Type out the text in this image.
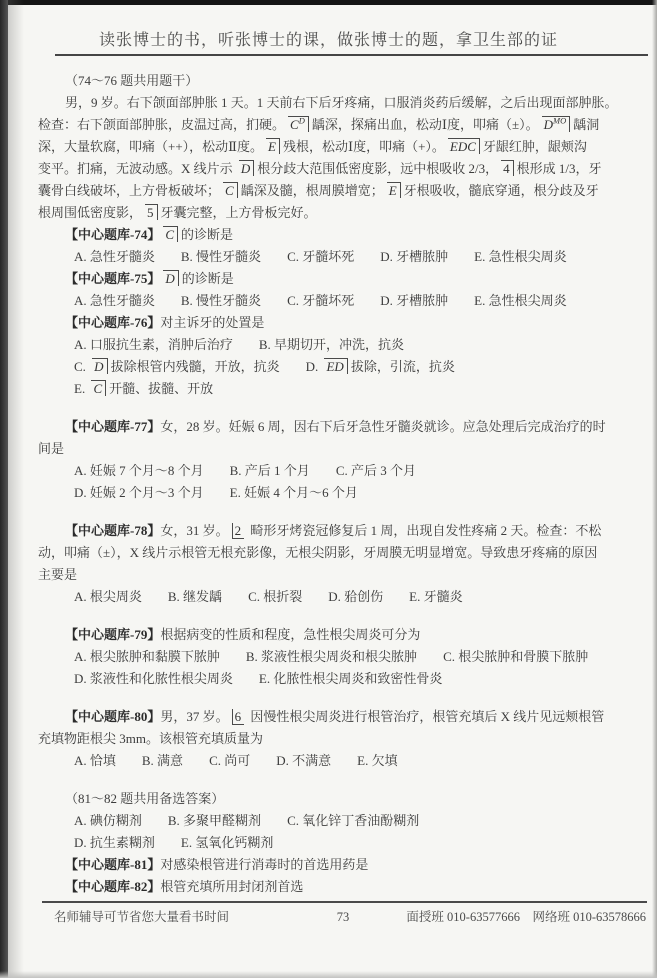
读张博士的书，听张博士的课，做张博士的题，拿卫生部的证
（74～76 题共用题干）
男，9 岁。右下颌面部肿胀 1 天。1 天前右下后牙疼痛，口服消炎药后缓解，之后出现面部肿胀。
检查：右下颌面部肿胀，皮温过高，扪硬。 $C^D$ 龋深，探痛出血，松动Ⅰ度，叩痛（±）。 $D^{MO}$ 龋洞
深，大量软腐，叩痛（++），松动Ⅱ度。 E 残根，松动Ⅰ度，叩痛（+）。 EDC 牙龈红肿，龈颊沟
变平。扪痛，无波动感。X 线片示 D 根分歧大范围低密度影，远中根吸收 2/3， 4 根形成 1/3，牙
囊骨白线破坏，上方骨板破坏； C 龋深及髓，根周膜增宽； E 牙根吸收，髓底穿通，根分歧及牙
根周围低密度影， 5 牙囊完整，上方骨板完好。
【中心题库-74】 C 的诊断是
A. 急性牙髓炎 B. 慢性牙髓炎 C. 牙髓坏死 D. 牙槽脓肿 E. 急性根尖周炎
【中心题库-75】 D 的诊断是
A. 急性牙髓炎 B. 慢性牙髓炎 C. 牙髓坏死 D. 牙槽脓肿 E. 急性根尖周炎
【中心题库-76】对主诉牙的处置是
A. 口服抗生素，消肿后治疗 B. 早期切开，冲洗，抗炎
C. D 拔除根管内残髓，开放，抗炎 D. ED 拔除，引流，抗炎
E. C 开髓、拔髓、开放
【中心题库-77】女，28 岁。妊娠 6 周，因右下后牙急性牙髓炎就诊。应急处理后完成治疗的时
间是
A. 妊娠 7 个月～8 个月 B. 产后 1 个月 C. 产后 3 个月
D. 妊娠 2 个月～3 个月 E. 妊娠 4 个月～6 个月
【中心题库-78】女，31 岁。 2 畸形牙烤瓷冠修复后 1 周，出现自发性疼痛 2 天。检查：不松
动，叩痛（±），X 线片示根管无根充影像，无根尖阴影，牙周膜无明显增宽。导致患牙疼痛的原因
主要是
A. 根尖周炎 B. 继发龋 C. 根折裂 D. 𬌗创伤 E. 牙髓炎
【中心题库-79】根据病变的性质和程度，急性根尖周炎可分为
A. 根尖脓肿和黏膜下脓肿 B. 浆液性根尖周炎和根尖脓肿 C. 根尖脓肿和骨膜下脓肿
D. 浆液性和化脓性根尖周炎 E. 化脓性根尖周炎和致密性骨炎
【中心题库-80】男，37 岁。 6 因慢性根尖周炎进行根管治疗，根管充填后 X 线片见远颊根管
充填物距根尖 3mm。该根管充填质量为
A. 恰填 B. 满意 C. 尚可 D. 不满意 E. 欠填
（81～82 题共用备选答案）
A. 碘仿糊剂 B. 多聚甲醛糊剂 C. 氧化锌丁香油酚糊剂
D. 抗生素糊剂 E. 氢氧化钙糊剂
【中心题库-81】对感染根管进行消毒时的首选用药是
【中心题库-82】根管充填所用封闭剂首选
73
名师辅导可节省您大量看书时间	面授班 010-63577666　网络班 010-63578666
